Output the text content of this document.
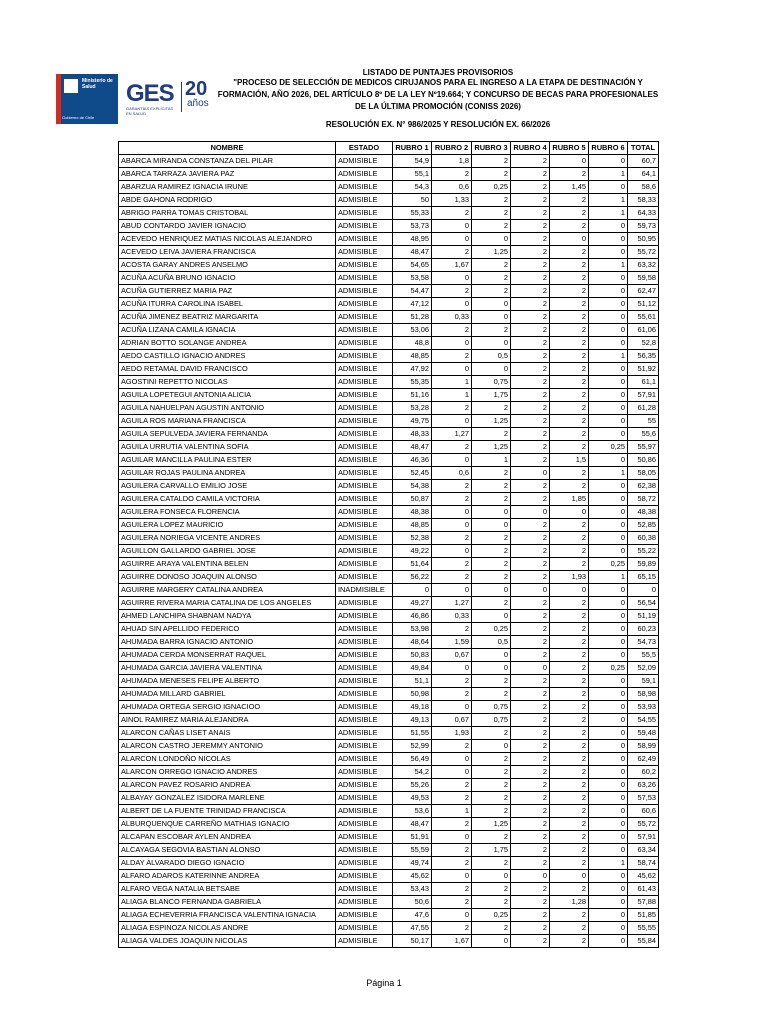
Ministerio de Salud
Gobierno de Chile
GES 20
años
GARANTÍAS EXPLÍCITAS EN SALUD
LISTADO DE PUNTAJES PROVISORIOS
"PROCESO DE SELECCIÓN DE MEDICOS CIRUJANOS PARA EL INGRESO A LA ETAPA DE DESTINACIÓN Y FORMACIÓN, AÑO 2026, DEL ARTÍCULO 8º DE LA LEY Nº19.664; Y CONCURSO DE BECAS PARA PROFESIONALES DE LA ÚLTIMA PROMOCIÓN (CONISS 2026)
RESOLUCIÓN EX. N° 986/2025 Y RESOLUCIÓN EX. 66/2026
NOMBRE	ESTADO	RUBRO 1	RUBRO 2	RUBRO 3	RUBRO 4	RUBRO 5	RUBRO 6	TOTAL
ABARCA MIRANDA CONSTANZA DEL PILAR	ADMISIBLE	54,9	1,8	2	2	0	0	60,7
ABARCA TARRAZA JAVIERA PAZ	ADMISIBLE	55,1	2	2	2	2	1	64,1
ABARZUA RAMIREZ IGNACIA IRUNE	ADMISIBLE	54,3	0,6	0,25	2	1,45	0	58,6
ABDE GAHONA RODRIGO	ADMISIBLE	50	1,33	2	2	2	1	58,33
ABRIGO PARRA TOMAS CRISTOBAL	ADMISIBLE	55,33	2	2	2	2	1	64,33
ABUD CONTARDO JAVIER IGNACIO	ADMISIBLE	53,73	0	2	2	2	0	59,73
ACEVEDO HENRIQUEZ MATIAS NICOLAS ALEJANDRO	ADMISIBLE	48,95	0	0	2	0	0	50,95
ACEVEDO LEIVA JAVIERA FRANCISCA	ADMISIBLE	48,47	2	1,25	2	2	0	55,72
ACOSTA GARAY ANDRES ANSELMO	ADMISIBLE	54,65	1,67	2	2	2	1	63,32
ACUÑA ACUÑA BRUNO IGNACIO	ADMISIBLE	53,58	0	2	2	2	0	59,58
ACUÑA GUTIERREZ MARIA PAZ	ADMISIBLE	54,47	2	2	2	2	0	62,47
ACUÑA ITURRA CAROLINA ISABEL	ADMISIBLE	47,12	0	0	2	2	0	51,12
ACUÑA JIMENEZ BEATRIZ MARGARITA	ADMISIBLE	51,28	0,33	0	2	2	0	55,61
ACUÑA LIZANA CAMILA IGNACIA	ADMISIBLE	53,06	2	2	2	2	0	61,06
ADRIAN BOTTO SOLANGE ANDREA	ADMISIBLE	48,8	0	0	2	2	0	52,8
AEDO CASTILLO IGNACIO ANDRES	ADMISIBLE	48,85	2	0,5	2	2	1	56,35
AEDO RETAMAL DAVID FRANCISCO	ADMISIBLE	47,92	0	0	2	2	0	51,92
AGOSTINI REPETTO NICOLAS	ADMISIBLE	55,35	1	0,75	2	2	0	61,1
AGUILA LOPETEGUI ANTONIA ALICIA	ADMISIBLE	51,16	1	1,75	2	2	0	57,91
AGUILA NAHUELPAN AGUSTIN ANTONIO	ADMISIBLE	53,28	2	2	2	2	0	61,28
AGUILA ROS MARIANA FRANCISCA	ADMISIBLE	49,75	0	1,25	2	2	0	55
AGUILA SEPULVEDA JAVIERA FERNANDA	ADMISIBLE	48,33	1,27	2	2	2	0	55,6
AGUILA URRUTIA VALENTINA SOFIA	ADMISIBLE	48,47	2	1,25	2	2	0,25	55,97
AGUILAR MANCILLA PAULINA ESTER	ADMISIBLE	46,36	0	1	2	1,5	0	50,86
AGUILAR ROJAS PAULINA ANDREA	ADMISIBLE	52,45	0,6	2	0	2	1	58,05
AGUILERA CARVALLO EMILIO JOSE	ADMISIBLE	54,38	2	2	2	2	0	62,38
AGUILERA CATALDO CAMILA VICTORIA	ADMISIBLE	50,87	2	2	2	1,85	0	58,72
AGUILERA FONSECA FLORENCIA	ADMISIBLE	48,38	0	0	0	0	0	48,38
AGUILERA LOPEZ MAURICIO	ADMISIBLE	48,85	0	0	2	2	0	52,85
AGUILERA NORIEGA VICENTE ANDRES	ADMISIBLE	52,38	2	2	2	2	0	60,38
AGUILLON GALLARDO GABRIEL JOSE	ADMISIBLE	49,22	0	2	2	2	0	55,22
AGUIRRE ARAYA VALENTINA BELEN	ADMISIBLE	51,64	2	2	2	2	0,25	59,89
AGUIRRE DONOSO JOAQUIN ALONSO	ADMISIBLE	56,22	2	2	2	1,93	1	65,15
AGUIRRE MARGERY CATALINA ANDREA	INADMISIBLE	0	0	0	0	0	0	0
AGUIRRE RIVERA MARIA CATALINA DE LOS ANGELES	ADMISIBLE	49,27	1,27	2	2	2	0	56,54
AHMED LANCHIPA SHABNAM NADYA	ADMISIBLE	46,86	0,33	0	2	2	0	51,19
AHUAD SIN APELLIDO FEDERICO	ADMISIBLE	53,98	2	0,25	2	2	0	60,23
AHUMADA BARRA IGNACIO ANTONIO	ADMISIBLE	48,64	1,59	0,5	2	2	0	54,73
AHUMADA CERDA MONSERRAT RAQUEL	ADMISIBLE	50,83	0,67	0	2	2	0	55,5
AHUMADA GARCIA JAVIERA VALENTINA	ADMISIBLE	49,84	0	0	0	2	0,25	52,09
AHUMADA MENESES FELIPE ALBERTO	ADMISIBLE	51,1	2	2	2	2	0	59,1
AHUMADA MILLARD GABRIEL	ADMISIBLE	50,98	2	2	2	2	0	58,98
AHUMADA ORTEGA SERGIO IGNACIOO	ADMISIBLE	49,18	0	0,75	2	2	0	53,93
AINOL RAMIREZ MARIA ALEJANDRA	ADMISIBLE	49,13	0,67	0,75	2	2	0	54,55
ALARCON CAÑAS LISET ANAIS	ADMISIBLE	51,55	1,93	2	2	2	0	59,48
ALARCON CASTRO JEREMMY ANTONIO	ADMISIBLE	52,99	2	0	2	2	0	58,99
ALARCON LONDOÑO NICOLAS	ADMISIBLE	56,49	0	2	2	2	0	62,49
ALARCON ORREGO IGNACIO ANDRES	ADMISIBLE	54,2	0	2	2	2	0	60,2
ALARCON PAVEZ ROSARIO ANDREA	ADMISIBLE	55,26	2	2	2	2	0	63,26
ALBAYAY GONZALEZ ISIDORA MARLENE	ADMISIBLE	49,53	2	2	2	2	0	57,53
ALBERT DE LA FUENTE TRINIDAD FRANCISCA	ADMISIBLE	53,6	1	2	2	2	0	60,6
ALBURQUENQUE CARREÑO MATHIAS IGNACIO	ADMISIBLE	48,47	2	1,25	2	2	0	55,72
ALCAPAN ESCOBAR AYLEN ANDREA	ADMISIBLE	51,91	0	2	2	2	0	57,91
ALCAYAGA SEGOVIA BASTIAN ALONSO	ADMISIBLE	55,59	2	1,75	2	2	0	63,34
ALDAY ALVARADO DIEGO IGNACIO	ADMISIBLE	49,74	2	2	2	2	1	58,74
ALFARO ADAROS KATERINNE ANDREA	ADMISIBLE	45,62	0	0	0	0	0	45,62
ALFARO VEGA NATALIA BETSABE	ADMISIBLE	53,43	2	2	2	2	0	61,43
ALIAGA BLANCO FERNANDA GABRIELA	ADMISIBLE	50,6	2	2	2	1,28	0	57,88
ALIAGA ECHEVERRIA FRANCISCA VALENTINA IGNACIA	ADMISIBLE	47,6	0	0,25	2	2	0	51,85
ALIAGA ESPINOZA NICOLAS ANDRE	ADMISIBLE	47,55	2	2	2	2	0	55,55
ALIAGA VALDES JOAQUIN NICOLAS	ADMISIBLE	50,17	1,67	0	2	2	0	55,84
Página 1
